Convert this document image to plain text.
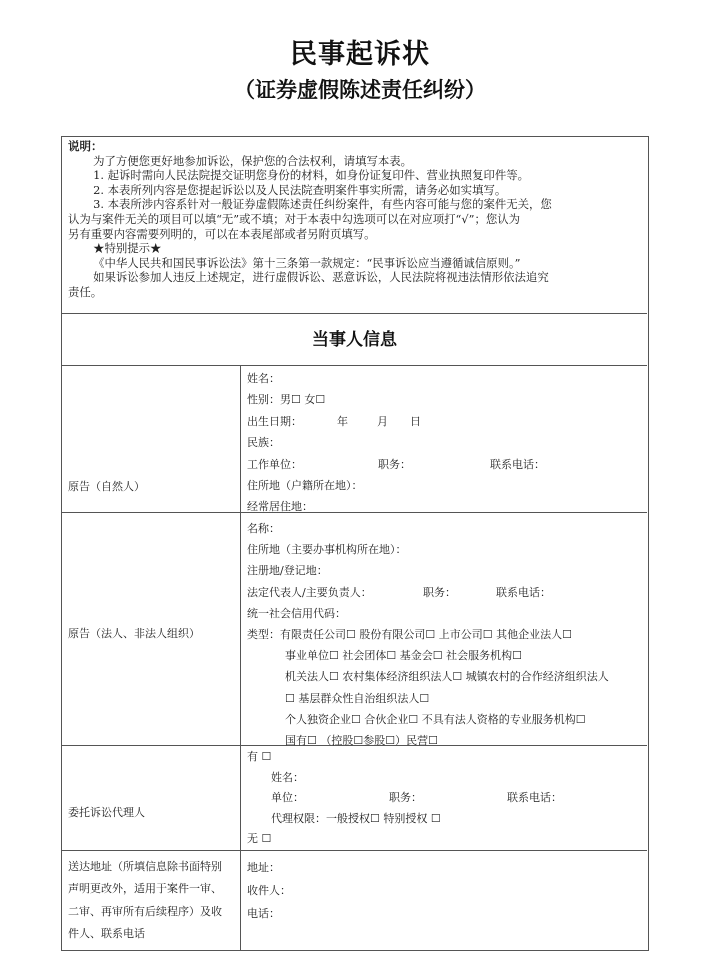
民事起诉状
（证券虚假陈述责任纠纷）
说明：
为了方便您更好地参加诉讼，保护您的合法权利，请填写本表。
1. 起诉时需向人民法院提交证明您身份的材料，如身份证复印件、营业执照复印件等。
2. 本表所列内容是您提起诉讼以及人民法院查明案件事实所需，请务必如实填写。
3. 本表所涉内容系针对一般证券虚假陈述责任纠纷案件，有些内容可能与您的案件无关，您
认为与案件无关的项目可以填“无”或不填；对于本表中勾选项可以在对应项打“√”；您认为
另有重要内容需要列明的，可以在本表尾部或者另附页填写。
★特别提示★
《中华人民共和国民事诉讼法》第十三条第一款规定：“民事诉讼应当遵循诚信原则。”
如果诉讼参加人违反上述规定，进行虚假诉讼、恶意诉讼，人民法院将视违法情形依法追究
责任。
当事人信息
原告（自然人）
姓名：
性别：男☐ 女☐
出生日期：	年	月 日
民族：
工作单位：	职务：	联系电话：
住所地（户籍所在地）：
经常居住地：
原告（法人、非法人组织）
名称：
住所地（主要办事机构所在地）：
注册地/登记地：
法定代表人/主要负责人：	职务：	联系电话：
统一社会信用代码：
类型：有限责任公司☐ 股份有限公司☐ 上市公司☐ 其他企业法人☐
事业单位☐ 社会团体☐ 基金会☐ 社会服务机构☐
机关法人☐ 农村集体经济组织法人☐ 城镇农村的合作经济组织法人
☐ 基层群众性自治组织法人☐
个人独资企业☐ 合伙企业☐ 不具有法人资格的专业服务机构☐
国有☐ （控股☐参股☐）民营☐
委托诉讼代理人
有 ☐
姓名：
单位：	职务：	联系电话：
代理权限：一般授权☐ 特别授权 ☐
无 ☐
送达地址（所填信息除书面特别
声明更改外，适用于案件一审、
二审、再审所有后续程序）及收
件人、联系电话
地址：
收件人：
电话：
